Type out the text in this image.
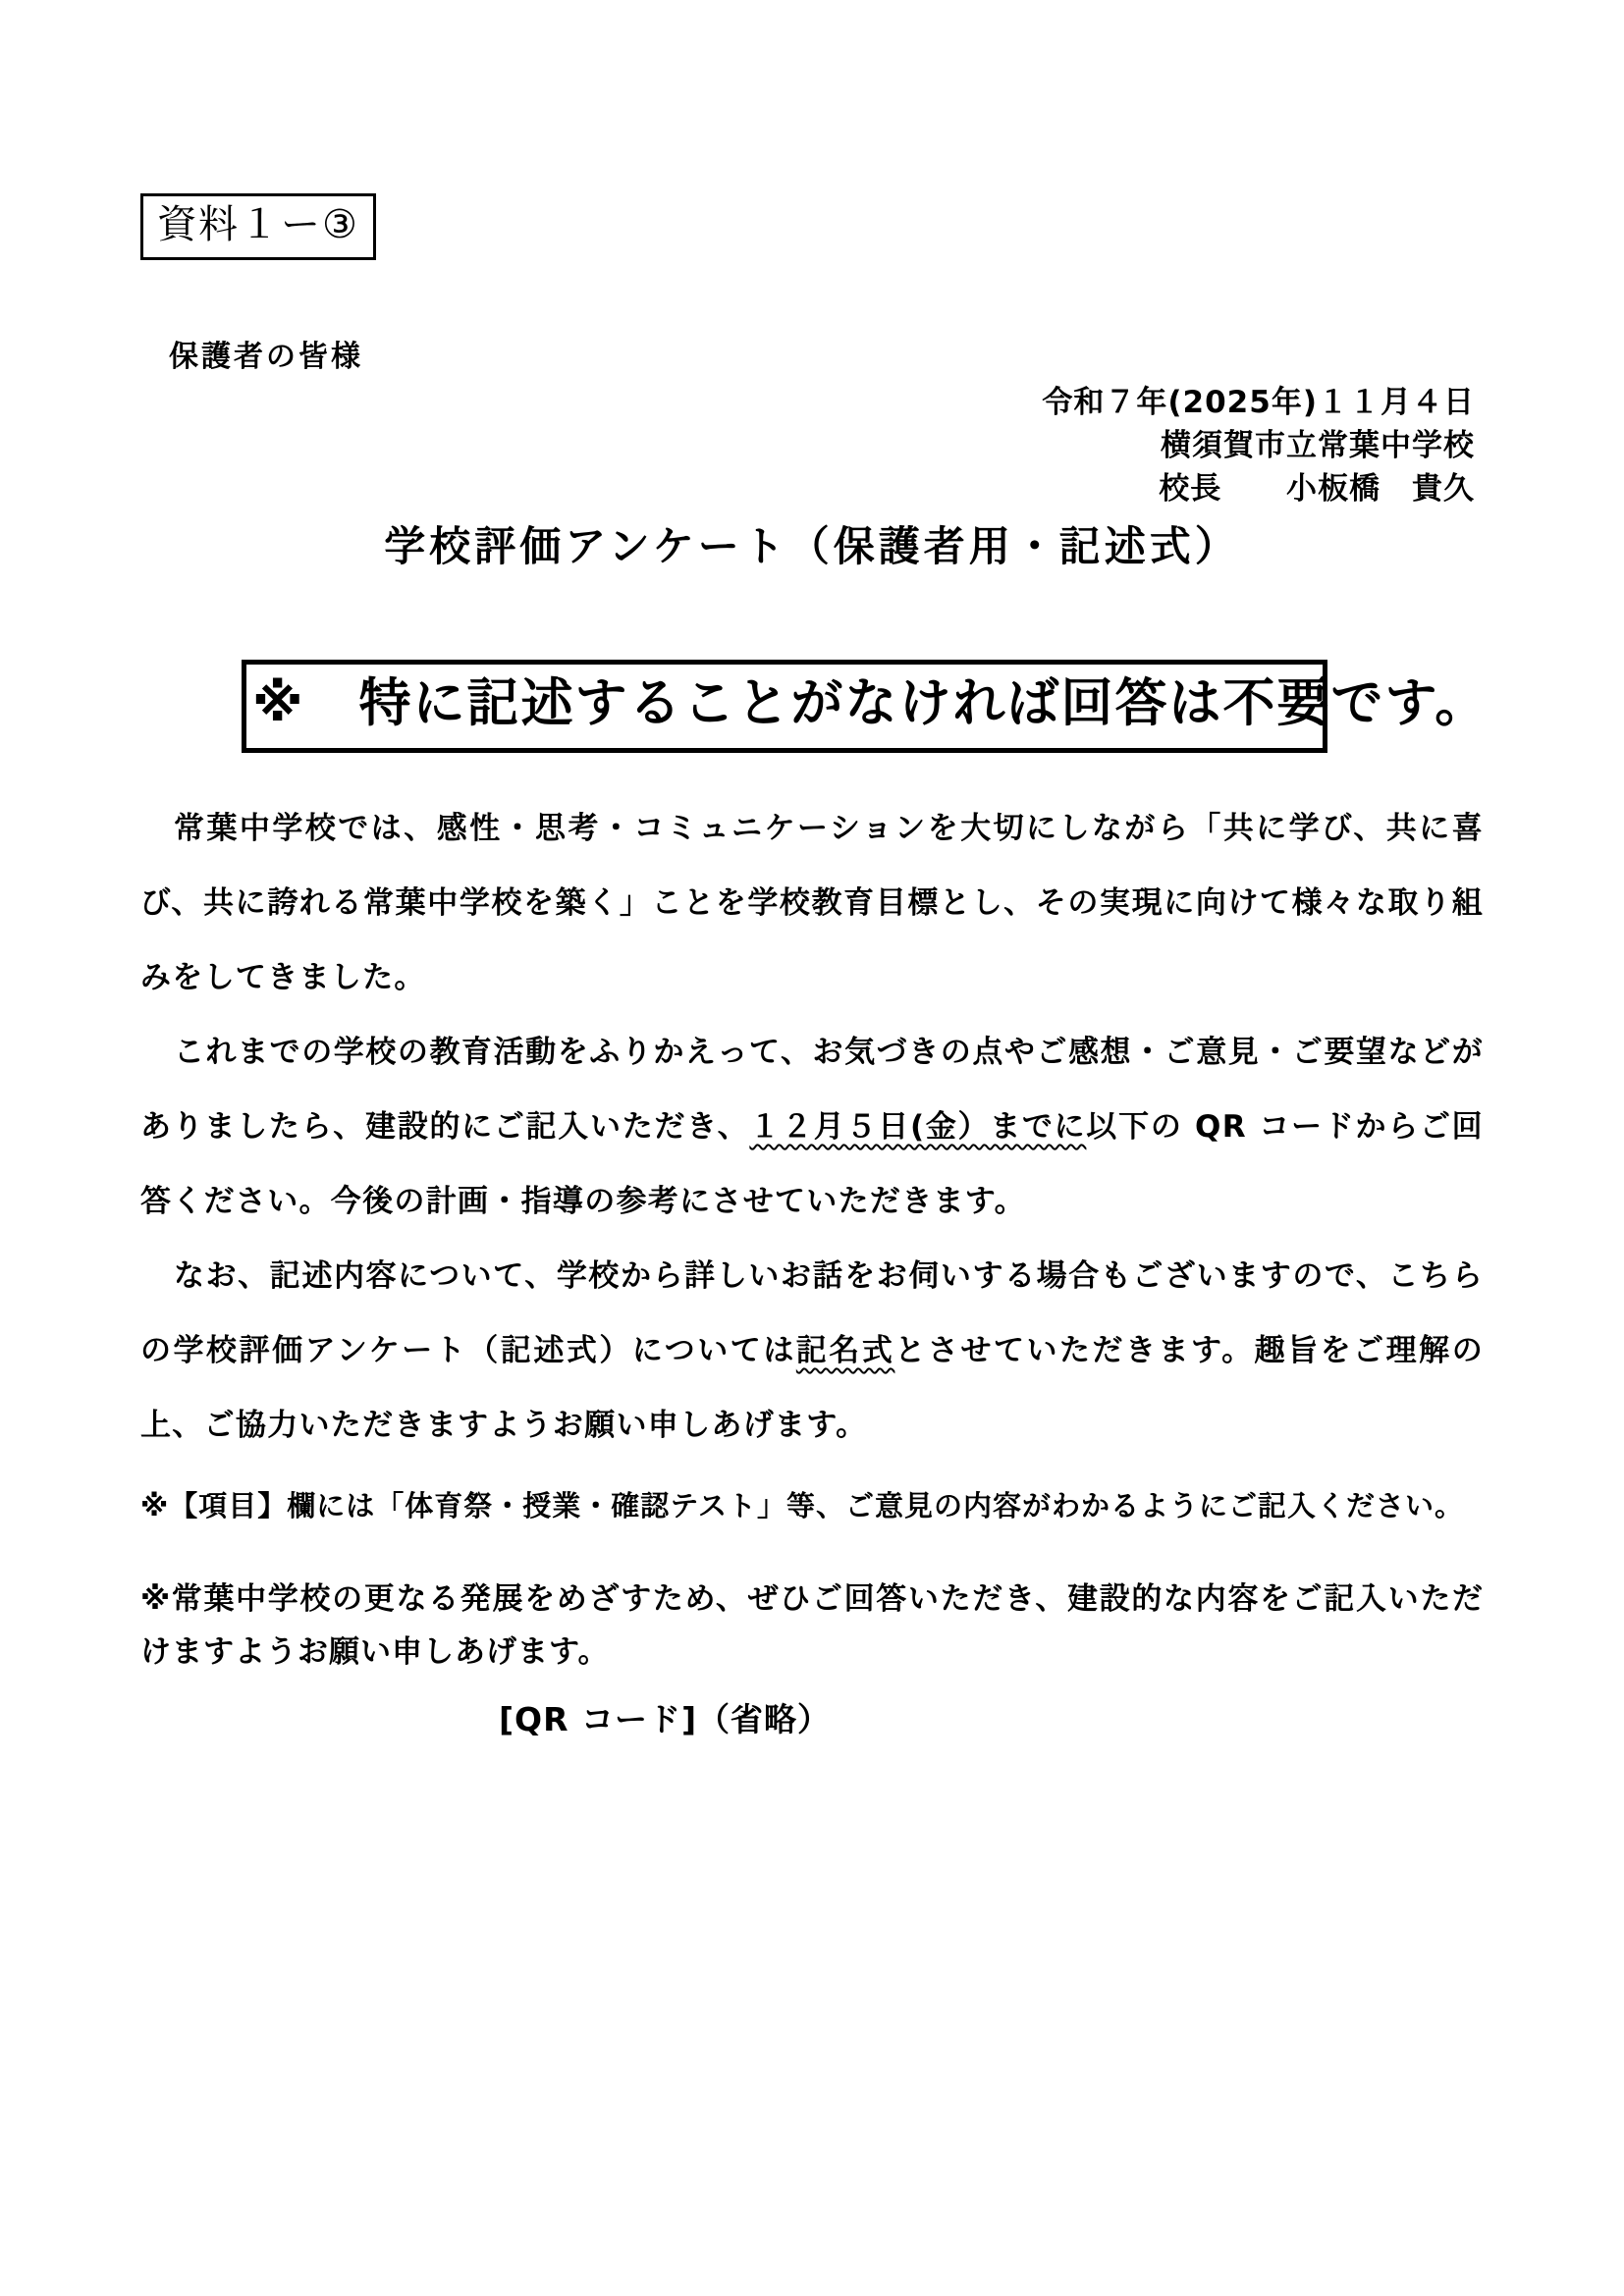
資料１ー③
保護者の皆様
令和７年(2025年)１１月４日
横須賀市立常葉中学校
校長 小板橋　貴久
学校評価アンケート（保護者用・記述式）
※　特に記述することがなければ回答は不要です。

常葉中学校では、感性・思考・コミュニケーションを大切にしながら「共に学び、共に喜び、共に誇れる常葉中学校を築く」ことを学校教育目標とし、その実現に向けて様々な取り組みをしてきました。

これまでの学校の教育活動をふりかえって、お気づきの点やご感想・ご意見・ご要望などがありましたら、建設的にご記入いただき、１２月５日(金）までに以下の QR コードからご回答ください。今後の計画・指導の参考にさせていただきます。

なお、記述内容について、学校から詳しいお話をお伺いする場合もございますので、こちらの学校評価アンケート（記述式）については記名式とさせていただきます。趣旨をご理解の上、ご協力いただきますようお願い申しあげます。

※【項目】欄には「体育祭・授業・確認テスト」等、ご意見の内容がわかるようにご記入ください。

※常葉中学校の更なる発展をめざすため、ぜひご回答いただき、建設的な内容をご記入いただけますようお願い申しあげます。

[QR コード]（省略）
